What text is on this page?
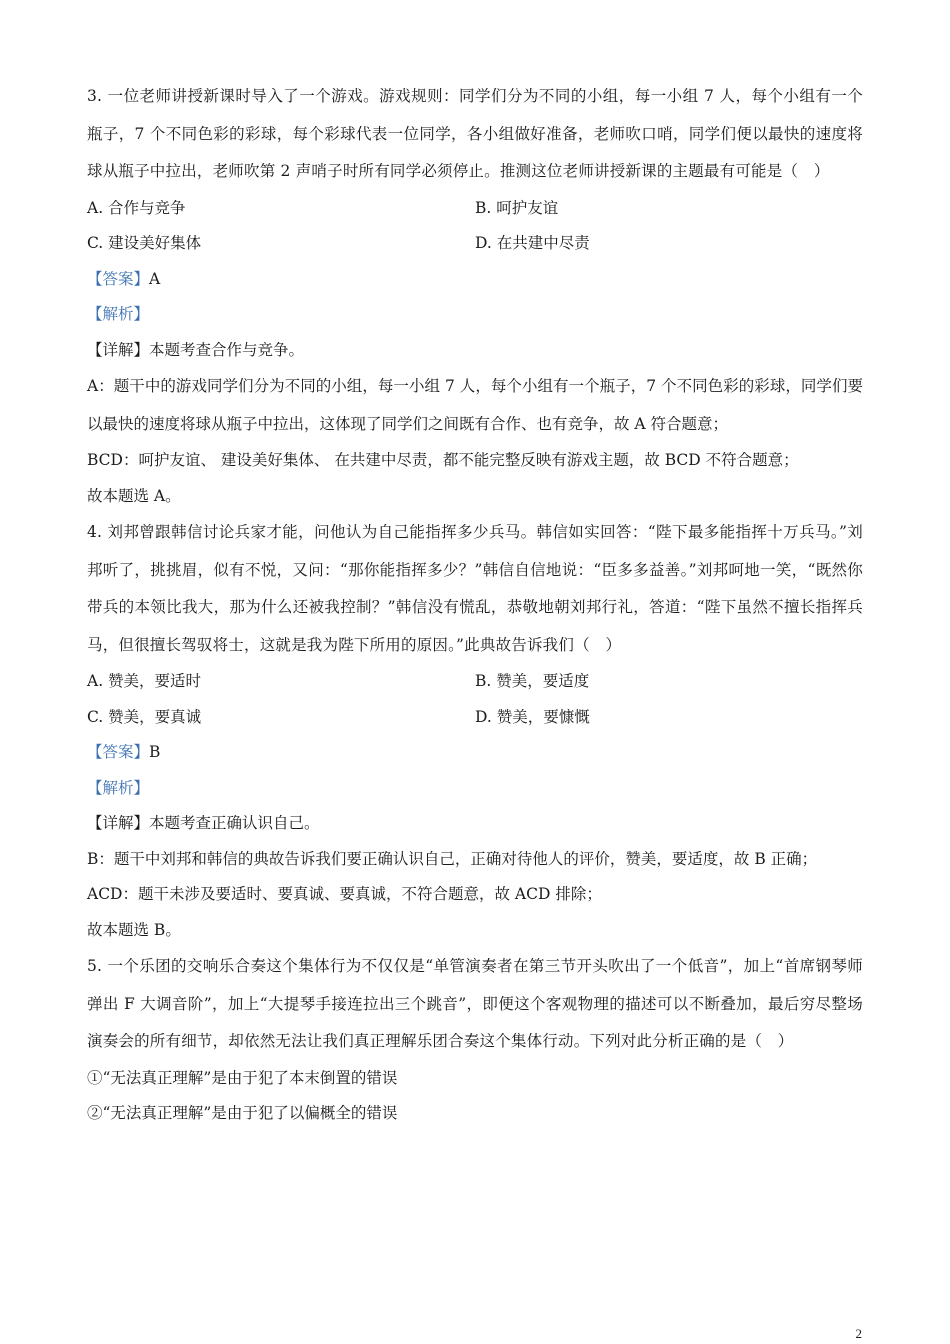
3. 一位老师讲授新课时导入了一个游戏。游戏规则：同学们分为不同的小组，每一小组 7 人，每个小组有一个瓶子，7 个不同色彩的彩球，每个彩球代表一位同学，各小组做好准备，老师吹口哨，同学们便以最快的速度将球从瓶子中拉出，老师吹第 2 声哨子时所有同学必须停止。推测这位老师讲授新课的主题最有可能是（　）
A. 合作与竞争	B. 呵护友谊
C. 建设美好集体	D. 在共建中尽责
【答案】A
【解析】
【详解】本题考查合作与竞争。
A：题干中的游戏同学们分为不同的小组，每一小组 7 人，每个小组有一个瓶子，7 个不同色彩的彩球，同学们要以最快的速度将球从瓶子中拉出，这体现了同学们之间既有合作、也有竞争，故 A 符合题意；
BCD：呵护友谊、 建设美好集体、 在共建中尽责，都不能完整反映有游戏主题，故 BCD 不符合题意；
故本题选 A。
4. 刘邦曾跟韩信讨论兵家才能，问他认为自己能指挥多少兵马。韩信如实回答：“陛下最多能指挥十万兵马。”刘邦听了，挑挑眉，似有不悦，又问：“那你能指挥多少？”韩信自信地说：“臣多多益善。”刘邦呵地一笑，“既然你带兵的本领比我大，那为什么还被我控制？”韩信没有慌乱，恭敬地朝刘邦行礼，答道：“陛下虽然不擅长指挥兵马，但很擅长驾驭将士，这就是我为陛下所用的原因。”此典故告诉我们（　）
A. 赞美，要适时	B. 赞美，要适度
C. 赞美，要真诚	D. 赞美，要慷慨
【答案】B
【解析】
【详解】本题考查正确认识自己。
B：题干中刘邦和韩信的典故告诉我们要正确认识自己，正确对待他人的评价，赞美，要适度，故 B 正确；
ACD：题干未涉及要适时、要真诚、要真诚，不符合题意，故 ACD 排除；
故本题选 B。
5. 一个乐团的交响乐合奏这个集体行为不仅仅是“单管演奏者在第三节开头吹出了一个低音”，加上“首席钢琴师弹出 F 大调音阶”，加上“大提琴手接连拉出三个跳音”，即便这个客观物理的描述可以不断叠加，最后穷尽整场演奏会的所有细节，却依然无法让我们真正理解乐团合奏这个集体行动。下列对此分析正确的是（　）
①“无法真正理解”是由于犯了本末倒置的错误
②“无法真正理解”是由于犯了以偏概全的错误
2
